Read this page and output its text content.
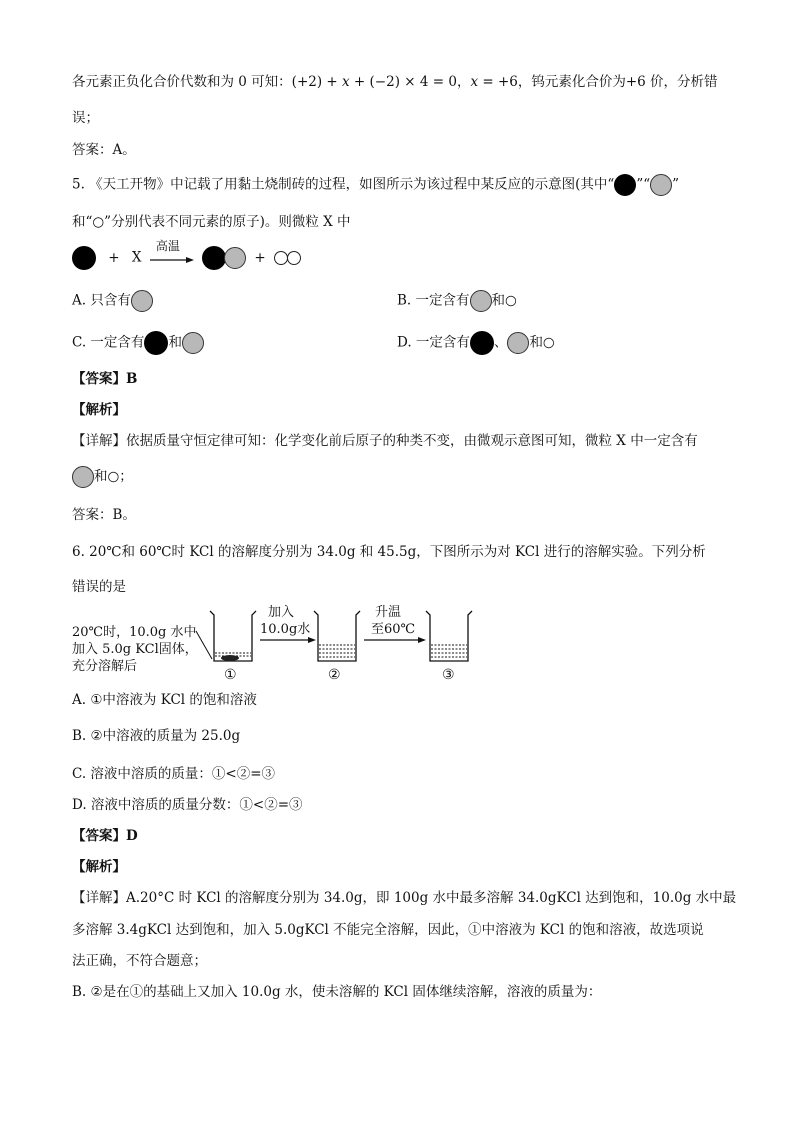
各元素正负化合价代数和为 0 可知：(+2) + x + (−2) × 4 = 0，x = +6，钨元素化合价为+6 价，分析错
误；
答案：A。
5. 《天工开物》中记载了用黏土烧制砖的过程，如图所示为该过程中某反应的示意图(其中“ ”“ ”
和“○”分别代表不同元素的原子)。则微粒 X 中
+ X
高温
+
A. 只含有	B. 一定含有 和○
C. 一定含有 和	D. 一定含有 、 和○
【答案】B
【解析】
【详解】依据质量守恒定律可知：化学变化前后原子的种类不变，由微观示意图可知，微粒 X 中一定含有
和○；
答案：B。
6. 20℃和 60℃时 KCl 的溶解度分别为 34.0g 和 45.5g，下图所示为对 KCl 进行的溶解实验。下列分析
错误的是
20℃时，10.0g 水中
加入 5.0g KCl固体，
充分溶解后
加入
10.0g水
升温
至60℃
①	②	③
A. ①中溶液为 KCl 的饱和溶液
B. ②中溶液的质量为 25.0g
C. 溶液中溶质的质量：①<②=③
D. 溶液中溶质的质量分数：①<②=③
【答案】D
【解析】
【详解】A.20°C 时 KCl 的溶解度分别为 34.0g，即 100g 水中最多溶解 34.0gKCl 达到饱和，10.0g 水中最
多溶解 3.4gKCl 达到饱和，加入 5.0gKCl 不能完全溶解，因此，①中溶液为 KCl 的饱和溶液，故选项说
法正确，不符合题意；
B. ②是在①的基础上又加入 10.0g 水，使未溶解的 KCl 固体继续溶解，溶液的质量为：
